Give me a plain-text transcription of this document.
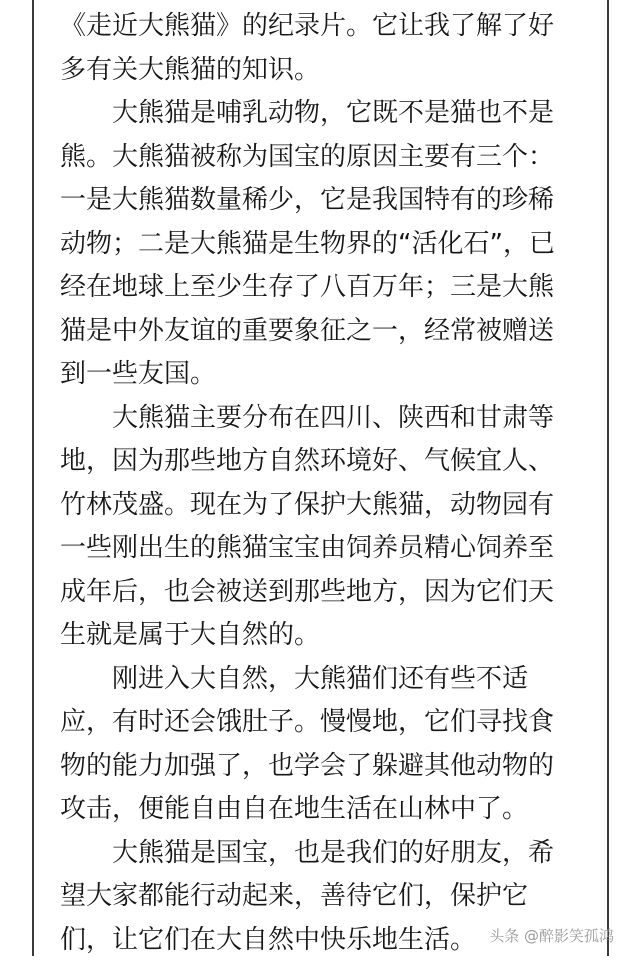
《走近大熊猫》的纪录片。它让我了解了好
多有关大熊猫的知识。
大熊猫是哺乳动物，它既不是猫也不是
熊。大熊猫被称为国宝的原因主要有三个：
一是大熊猫数量稀少，它是我国特有的珍稀
动物；二是大熊猫是生物界的“活化石”，已
经在地球上至少生存了八百万年；三是大熊
猫是中外友谊的重要象征之一，经常被赠送
到一些友国。
大熊猫主要分布在四川、陕西和甘肃等
地，因为那些地方自然环境好、气候宜人、
竹林茂盛。现在为了保护大熊猫，动物园有
一些刚出生的熊猫宝宝由饲养员精心饲养至
成年后，也会被送到那些地方，因为它们天
生就是属于大自然的。
刚进入大自然，大熊猫们还有些不适
应，有时还会饿肚子。慢慢地，它们寻找食
物的能力加强了，也学会了躲避其他动物的
攻击，便能自由自在地生活在山林中了。
大熊猫是国宝，也是我们的好朋友，希
望大家都能行动起来，善待它们，保护它
们，让它们在大自然中快乐地生活。 头条 @醉影笑孤鸿
